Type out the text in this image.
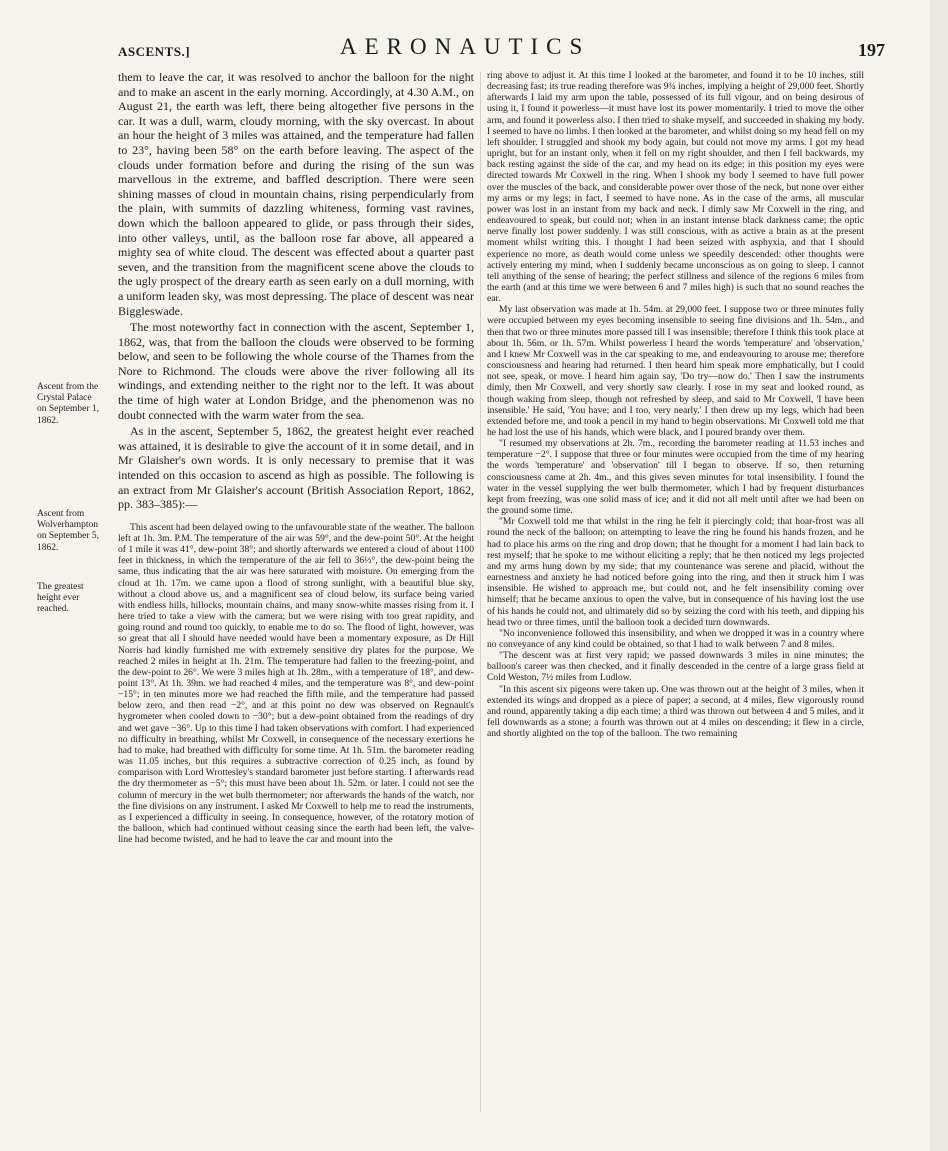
ASCENTS.]	AERONAUTICS	197
Ascent from the Crystal Palace on September 1, 1862.
Ascent from Wolverhampton on September 5, 1862.
The greatest height ever reached.

them to leave the car, it was resolved to anchor the balloon for the night and to make an ascent in the early morning. Accordingly, at 4.30 A.M., on August 21, the earth was left, there being altogether five persons in the car. It was a dull, warm, cloudy morning, with the sky overcast. In about an hour the height of 3 miles was attained, and the temperature had fallen to 23°, having been 58° on the earth before leaving. The aspect of the clouds under formation before and during the rising of the sun was marvellous in the extreme, and baffled description. There were seen shining masses of cloud in mountain chains, rising perpendicularly from the plain, with summits of dazzling whiteness, forming vast ravines, down which the balloon appeared to glide, or pass through their sides, into other valleys, until, as the balloon rose far above, all appeared a mighty sea of white cloud. The descent was effected about a quarter past seven, and the transition from the magnificent scene above the clouds to the ugly prospect of the dreary earth as seen early on a dull morning, with a uniform leaden sky, was most depressing. The place of descent was near Biggleswade.

The most noteworthy fact in connection with the ascent, September 1, 1862, was, that from the balloon the clouds were observed to be forming below, and seen to be following the whole course of the Thames from the Nore to Richmond. The clouds were above the river following all its windings, and extending neither to the right nor to the left. It was about the time of high water at London Bridge, and the phenomenon was no doubt connected with the warm water from the sea.

As in the ascent, September 5, 1862, the greatest height ever reached was attained, it is desirable to give the account of it in some detail, and in Mr Glaisher's own words. It is only necessary to premise that it was intended on this occasion to ascend as high as possible. The following is an extract from Mr Glaisher's account (British Association Report, 1862, pp. 383–385):—

This ascent had been delayed owing to the unfavourable state of the weather. The balloon left at 1h. 3m. P.M. The temperature of the air was 59°, and the dew-point 50°. At the height of 1 mile it was 41°, dew-point 38°; and shortly afterwards we entered a cloud of about 1100 feet in thickness, in which the temperature of the air fell to 36½°, the dew-point being the same, thus indicating that the air was here saturated with moisture. On emerging from the cloud at 1h. 17m. we came upon a flood of strong sunlight, with a beautiful blue sky, without a cloud above us, and a magnificent sea of cloud below, its surface being varied with endless hills, hillocks, mountain chains, and many snow-white masses rising from it. I here tried to take a view with the camera; but we were rising with too great rapidity, and going round and round too quickly, to enable me to do so. The flood of light, however, was so great that all I should have needed would have been a momentary exposure, as Dr Hill Norris had kindly furnished me with extremely sensitive dry plates for the purpose. We reached 2 miles in height at 1h. 21m. The temperature had fallen to the freezing-point, and the dew-point to 26°. We were 3 miles high at 1h. 28m., with a temperature of 18°, and dew-point 13°. At 1h. 39m. we had reached 4 miles, and the temperature was 8°, and dew-point −15°; in ten minutes more we had reached the fifth mile, and the temperature had passed below zero, and then read −2°, and at this point no dew was observed on Regnault's hygrometer when cooled down to −30°; but a dew-point obtained from the readings of dry and wet gave −36°. Up to this time I had taken observations with comfort. I had experienced no difficulty in breathing, whilst Mr Coxwell, in consequence of the necessary exertions he had to make, had breathed with difficulty for some time. At 1h. 51m. the barometer reading was 11.05 inches, but this requires a subtractive correction of 0.25 inch, as found by comparison with Lord Wrottesley's standard barometer just before starting. I afterwards read the dry thermometer as −5°; this must have been about 1h. 52m. or later. I could not see the column of mercury in the wet bulb thermometer; nor afterwards the hands of the watch, nor the fine divisions on any instrument. I asked Mr Coxwell to help me to read the instruments, as I experienced a difficulty in seeing. In consequence, however, of the rotatory motion of the balloon, which had continued without ceasing since the earth had been left, the valve-line had become twisted, and he had to leave the car and mount into the

ring above to adjust it. At this time I looked at the barometer, and found it to be 10 inches, still decreasing fast; its true reading therefore was 9¾ inches, implying a height of 29,000 feet. Shortly afterwards I laid my arm upon the table, possessed of its full vigour, and on being desirous of using it, I found it powerless—it must have lost its power momentarily. I tried to move the other arm, and found it powerless also. I then tried to shake myself, and succeeded in shaking my body. I seemed to have no limbs. I then looked at the barometer, and whilst doing so my head fell on my left shoulder. I struggled and shook my body again, but could not move my arms. I got my head upright, but for an instant only, when it fell on my right shoulder, and then I fell backwards, my back resting against the side of the car, and my head on its edge; in this position my eyes were directed towards Mr Coxwell in the ring. When I shook my body I seemed to have full power over the muscles of the back, and considerable power over those of the neck, but none over either my arms or my legs; in fact, I seemed to have none. As in the case of the arms, all muscular power was lost in an instant from my back and neck. I dimly saw Mr Coxwell in the ring, and endeavoured to speak, but could not; when in an instant intense black darkness came; the optic nerve finally lost power suddenly. I was still conscious, with as active a brain as at the present moment whilst writing this. I thought I had been seized with asphyxia, and that I should experience no more, as death would come unless we speedily descended: other thoughts were actively entering my mind, when I suddenly became unconscious as on going to sleep. I cannot tell anything of the sense of hearing; the perfect stillness and silence of the regions 6 miles from the earth (and at this time we were between 6 and 7 miles high) is such that no sound reaches the ear.

My last observation was made at 1h. 54m. at 29,000 feet. I suppose two or three minutes fully were occupied between my eyes becoming insensible to seeing fine divisions and 1h. 54m., and then that two or three minutes more passed till I was insensible; therefore I think this took place at about 1h. 56m. or 1h. 57m. Whilst powerless I heard the words 'temperature' and 'observation,' and I knew Mr Coxwell was in the car speaking to me, and endeavouring to arouse me; therefore consciousness and hearing had returned. I then heard him speak more emphatically, but I could not see, speak, or move. I heard him again say, 'Do try—now do.' Then I saw the instruments dimly, then Mr Coxwell, and very shortly saw clearly. I rose in my seat and looked round, as though waking from sleep, though not refreshed by sleep, and said to Mr Coxwell, 'I have been insensible.' He said, 'You have; and I too, very nearly.' I then drew up my legs, which had been extended before me, and took a pencil in my hand to begin observations. Mr Coxwell told me that he had lost the use of his hands, which were black, and I poured brandy over them.

"I resumed my observations at 2h. 7m., recording the barometer reading at 11.53 inches and temperature −2°. I suppose that three or four minutes were occupied from the time of my hearing the words 'temperature' and 'observation' till I began to observe. If so, then returning consciousness came at 2h. 4m., and this gives seven minutes for total insensibility. I found the water in the vessel supplying the wet bulb thermometer, which I had by frequent disturbances kept from freezing, was one solid mass of ice; and it did not all melt until after we had been on the ground some time.

"Mr Coxwell told me that whilst in the ring he felt it piercingly cold; that hoar-frost was all round the neck of the balloon; on attempting to leave the ring he found his hands frozen, and he had to place his arms on the ring and drop down; that he thought for a moment I had lain back to rest myself; that he spoke to me without eliciting a reply; that he then noticed my legs projected and my arms hung down by my side; that my countenance was serene and placid, without the earnestness and anxiety he had noticed before going into the ring, and then it struck him I was insensible. He wished to approach me, but could not, and he felt insensibility coming over himself; that he became anxious to open the valve, but in consequence of his having lost the use of his hands he could not, and ultimately did so by seizing the cord with his teeth, and dipping his head two or three times, until the balloon took a decided turn downwards.

"No inconvenience followed this insensibility, and when we dropped it was in a country where no conveyance of any kind could be obtained, so that I had to walk between 7 and 8 miles.

"The descent was at first very rapid; we passed downwards 3 miles in nine minutes; the balloon's career was then checked, and it finally descended in the centre of a large grass field at Cold Weston, 7½ miles from Ludlow.

"In this ascent six pigeons were taken up. One was thrown out at the height of 3 miles, when it extended its wings and dropped as a piece of paper; a second, at 4 miles, flew vigorously round and round, apparently taking a dip each time; a third was thrown out between 4 and 5 miles, and it fell downwards as a stone; a fourth was thrown out at 4 miles on descending; it flew in a circle, and shortly alighted on the top of the balloon. The two remaining
